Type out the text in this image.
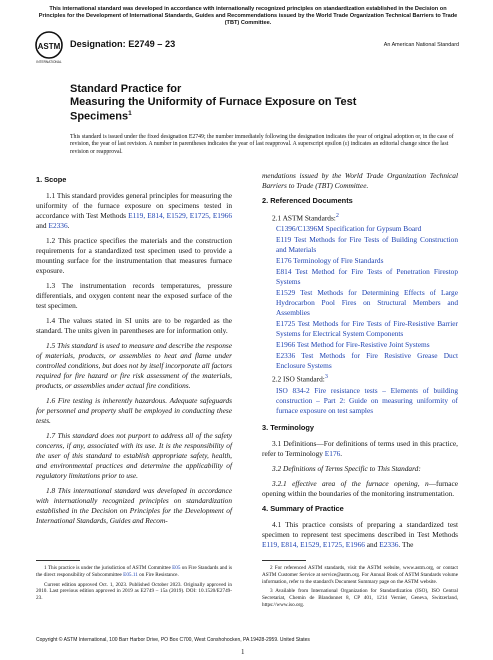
This international standard was developed in accordance with internationally recognized principles on standardization established in the Decision on Principles for the Development of International Standards, Guides and Recommendations issued by the World Trade Organization Technical Barriers to Trade (TBT) Committee.
ASTM
INTERNATIONAL
Designation: E2749 – 23	An American National Standard
Standard Practice for
Measuring the Uniformity of Furnace Exposure on Test
Specimens$^1$
This standard is issued under the fixed designation E2749; the number immediately following the designation indicates the year of original adoption or, in the case of revision, the year of last revision. A number in parentheses indicates the year of last reapproval. A superscript epsilon (ε) indicates an editorial change since the last revision or reapproval.
1. Scope

1.1 This standard provides general principles for measuring the uniformity of the furnace exposure on specimens tested in accordance with Test Methods E119, E814, E1529, E1725, E1966 and E2336.

1.2 This practice specifies the materials and the construction requirements for a standardized test specimen used to provide a mounting surface for the instrumentation that measures furnace exposure.

1.3 The instrumentation records temperatures, pressure differentials, and oxygen content near the exposed surface of the test specimen.

1.4 The values stated in SI units are to be regarded as the standard. The units given in parentheses are for information only.

1.5 This standard is used to measure and describe the response of materials, products, or assemblies to heat and flame under controlled conditions, but does not by itself incorporate all factors required for fire hazard or fire risk assessment of the materials, products, or assemblies under actual fire conditions.

1.6 Fire testing is inherently hazardous. Adequate safeguards for personnel and property shall be employed in conducting these tests.

1.7 This standard does not purport to address all of the safety concerns, if any, associated with its use. It is the responsibility of the user of this standard to establish appropriate safety, health, and environmental practices and determine the applicability of regulatory limitations prior to use.

1.8 This international standard was developed in accordance with internationally recognized principles on standardization established in the Decision on Principles for the Development of International Standards, Guides and Recom-

mendations issued by the World Trade Organization Technical Barriers to Trade (TBT) Committee.

2. Referenced Documents

2.1 ASTM Standards:$^2$

C1396/C1396M Specification for Gypsum Board
E119 Test Methods for Fire Tests of Building Construction and Materials
E176 Terminology of Fire Standards
E814 Test Method for Fire Tests of Penetration Firestop Systems
E1529 Test Methods for Determining Effects of Large Hydrocarbon Pool Fires on Structural Members and Assemblies
E1725 Test Methods for Fire Tests of Fire-Resistive Barrier Systems for Electrical System Components
E1966 Test Method for Fire-Resistive Joint Systems
E2336 Test Methods for Fire Resistive Grease Duct Enclosure Systems

2.2 ISO Standard:$^3$

ISO 834-2 Fire resistance tests – Elements of building construction – Part 2: Guide on measuring uniformity of furnace exposure on test samples
3. Terminology

3.1 Definitions—For definitions of terms used in this practice, refer to Terminology E176.

3.2 Definitions of Terms Specific to This Standard:

3.2.1 effective area of the furnace opening, n—furnace opening within the boundaries of the monitoring instrumentation.

4. Summary of Practice

4.1 This practice consists of preparing a standardized test specimen to represent test specimens described in Test Methods E119, E814, E1529, E1725, E1966 and E2336. The

1 This practice is under the jurisdiction of ASTM Committee E05 on Fire Standards and is the direct responsibility of Subcommittee E05.11 on Fire Resistance.

Current edition approved Oct. 1, 2023. Published October 2023. Originally approved in 2010. Last previous edition approved in 2019 as E2749 – 15a (2019). DOI: 10.1520/E2749-23.

2 For referenced ASTM standards, visit the ASTM website, www.astm.org, or contact ASTM Customer Service at service@astm.org. For Annual Book of ASTM Standards volume information, refer to the standard's Document Summary page on the ASTM website.

3 Available from International Organization for Standardization (ISO), ISO Central Secretariat, Chemin de Blandonnet 8, CP 401, 1214 Vernier, Geneva, Switzerland, https://www.iso.org.

Copyright © ASTM International, 100 Barr Harbor Drive, PO Box C700, West Conshohocken, PA 19428-2959. United States
1
